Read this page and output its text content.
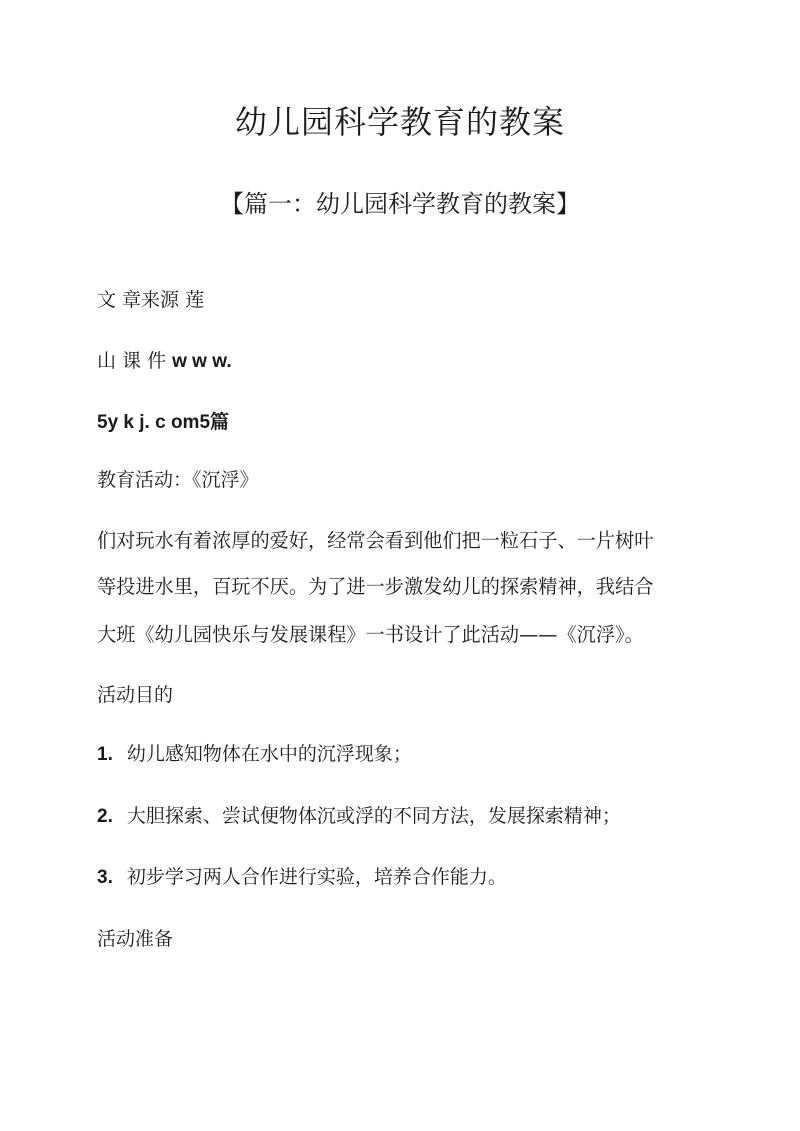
幼儿园科学教育的教案
【篇一：幼儿园科学教育的教案】

文 章来源 莲

山 课 件 w w w.

5y k j. c om5篇

教育活动：《沉浮》

们对玩水有着浓厚的爱好，经常会看到他们把一粒石子、一片树叶

等投进水里，百玩不厌。为了进一步激发幼儿的探索精神，我结合

大班《幼儿园快乐与发展课程》一书设计了此活动——《沉浮》。

活动目的

1. 幼儿感知物体在水中的沉浮现象；

2. 大胆探索、尝试便物体沉或浮的不同方法，发展探索精神；

3. 初步学习两人合作进行实验，培养合作能力。

活动准备
